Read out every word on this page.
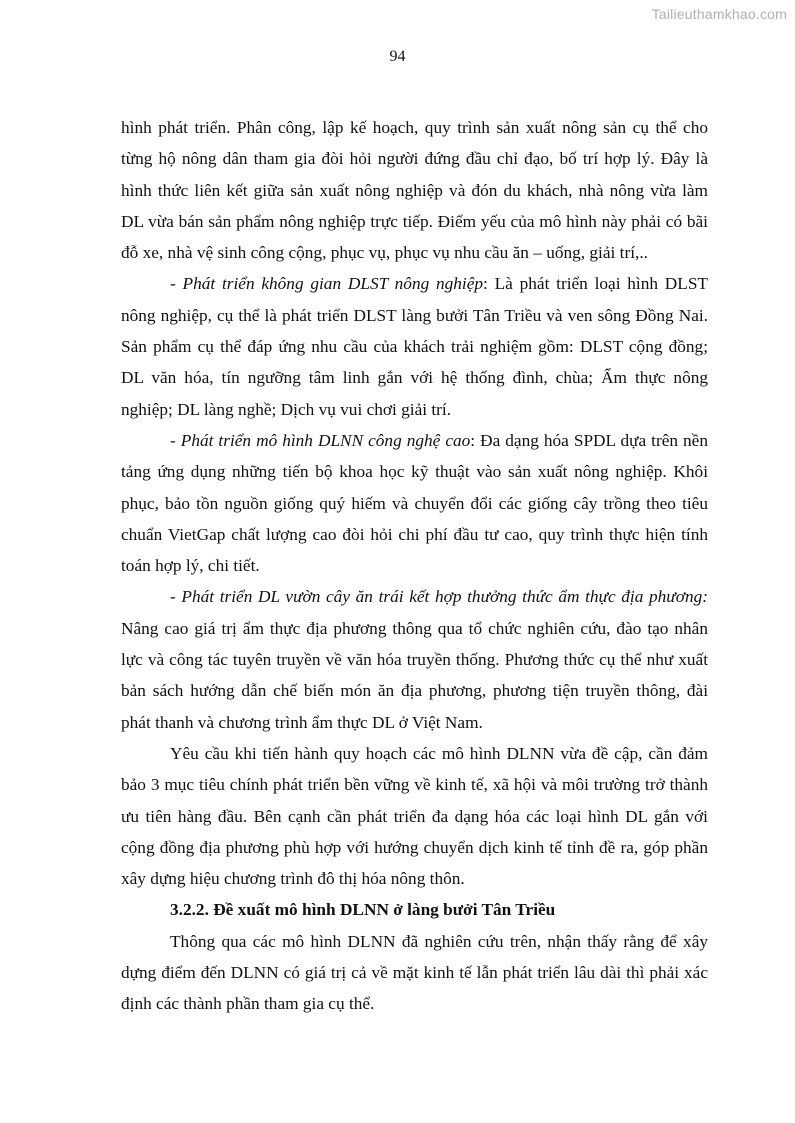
Tailieuthamkhao.com
94
hình phát triển. Phân công, lập kế hoạch, quy trình sản xuất nông sản cụ thể cho
từng hộ nông dân tham gia đòi hỏi người đứng đầu chỉ đạo, bố trí hợp lý. Đây là
hình thức liên kết giữa sản xuất nông nghiệp và đón du khách, nhà nông vừa làm
DL vừa bán sản phẩm nông nghiệp trực tiếp. Điểm yếu của mô hình này phải có bãi
đỗ xe, nhà vệ sinh công cộng, phục vụ, phục vụ nhu cầu ăn – uống, giải trí,..
- Phát triển không gian DLST nông nghiệp: Là phát triển loại hình DLST
nông nghiệp, cụ thể là phát triển DLST làng bưởi Tân Triều và ven sông Đồng Nai.
Sản phẩm cụ thể đáp ứng nhu cầu của khách trải nghiệm gồm: DLST cộng đồng;
DL văn hóa, tín ngưỡng tâm linh gắn với hệ thống đình, chùa; Ẩm thực nông
nghiệp; DL làng nghề; Dịch vụ vui chơi giải trí.
- Phát triển mô hình DLNN công nghệ cao: Đa dạng hóa SPDL dựa trên nền
tảng ứng dụng những tiến bộ khoa học kỹ thuật vào sản xuất nông nghiệp. Khôi
phục, bảo tồn nguồn giống quý hiếm và chuyển đổi các giống cây trồng theo tiêu
chuẩn VietGap chất lượng cao đòi hỏi chi phí đầu tư cao, quy trình thực hiện tính
toán hợp lý, chi tiết.
- Phát triển DL vườn cây ăn trái kết hợp thưởng thức ẩm thực địa phương:
Nâng cao giá trị ẩm thực địa phương thông qua tổ chức nghiên cứu, đào tạo nhân
lực và công tác tuyên truyền về văn hóa truyền thống. Phương thức cụ thể như xuất
bản sách hướng dẫn chế biến món ăn địa phương, phương tiện truyền thông, đài
phát thanh và chương trình ẩm thực DL ở Việt Nam.
Yêu cầu khi tiến hành quy hoạch các mô hình DLNN vừa đề cập, cần đảm
bảo 3 mục tiêu chính phát triển bền vững về kinh tế, xã hội và môi trường trở thành
ưu tiên hàng đầu. Bên cạnh cần phát triển đa dạng hóa các loại hình DL gắn với
cộng đồng địa phương phù hợp với hướng chuyển dịch kinh tế tỉnh đề ra, góp phần
xây dựng hiệu chương trình đô thị hóa nông thôn.
3.2.2. Đề xuất mô hình DLNN ở làng bưởi Tân Triều
Thông qua các mô hình DLNN đã nghiên cứu trên, nhận thấy rằng để xây
dựng điểm đến DLNN có giá trị cả về mặt kinh tế lẫn phát triển lâu dài thì phải xác
định các thành phần tham gia cụ thể.
